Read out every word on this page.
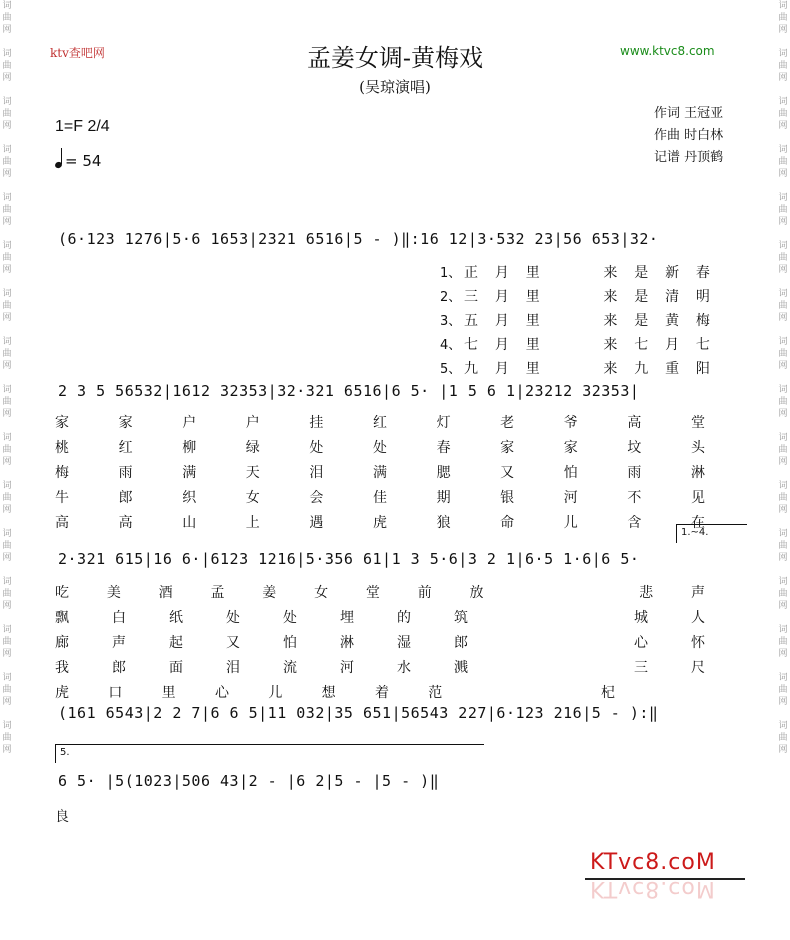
词曲网

词曲网

词曲网

词曲网

词曲网

词曲网

词曲网

词曲网

词曲网

词曲网

词曲网

词曲网

词曲网

词曲网

词曲网

词曲网
词曲网

词曲网

词曲网

词曲网

词曲网

词曲网

词曲网

词曲网

词曲网

词曲网

词曲网

词曲网

词曲网

词曲网

词曲网

词曲网
ktv查吧网	www.ktvc8.com
孟姜女调-黄梅戏
(吴琼演唱)
作词 王冠亚
作曲 时白林
记谱 丹顶鹤
1=F 2/4
= 54
(6·123 1276|5·6 1653|2321 6516|5 - )‖:16 12|3·532 23|56 653|32·
1、 正 月 里	来 是 新 春
2、 三 月 里	来 是 清 明
3、 五 月 里	来 是 黄 梅
4、 七 月 里	来 七 月 七
5、 九 月 里	来 九 重 阳
2 3 5 56532|1612 32353|32·321 6516|6 5· |1 5 6 1|23212 32353|
家	家	户	户	挂	红	灯	老	爷	高	堂
桃	红	柳	绿	处	处	春	家	家	坟	头
梅	雨	满	天	泪	满	腮	又	怕	雨	淋
牛	郎	织	女	会	佳	期	银	河	不	见
高	高	山	上	遇	虎	狼	命	儿	含	在
1.~4.
2·321 615|16 6·|6123 1216|5·356 61|1 3 5·6|3 2 1|6·5 1·6|6 5·
吃	美	酒	孟	姜	女	堂	前	放	悲	声
飘	白	纸	处	处	埋	的	筑	城	人
廊	声	起	又	怕	淋	湿	郎	心	怀
我	郎	面	泪	流	河	水	溅	三	尺
虎	口	里	心	儿	想	着	范	杞
(161 6543|2 2 7|6 6 5|11 032|35 651|56543 227|6·123 216|5 - ):‖
5.
6 5· |5(1023|506 43|2 - |6 2|5 - |5 - )‖
良
KTvc8.coM
KTvc8.coM
